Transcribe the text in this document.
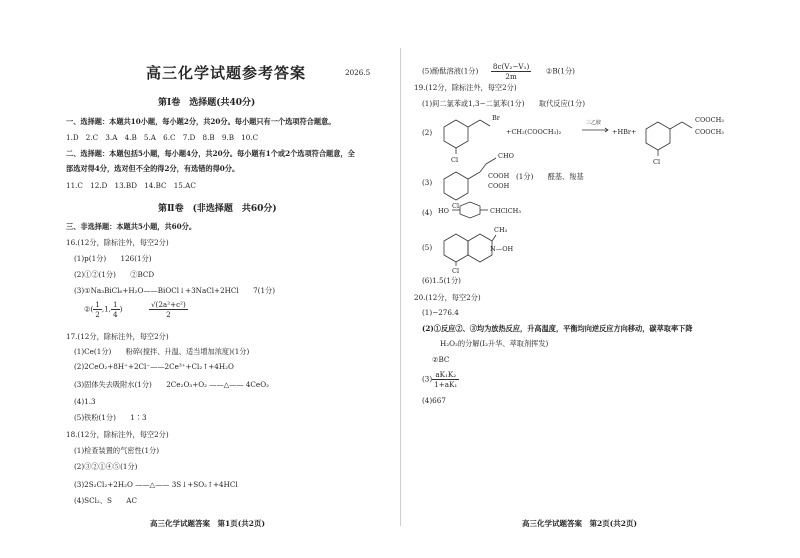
高三化学试题参考答案	2026.5
第Ⅰ卷　选择题(共40分)
一、选择题：本题共10小题，每小题2分，共20分。每小题只有一个选项符合题意。
1.D　2.C　3.A　4.B　5.A　6.C　7.D　8.B　9.B　10.C
二、选择题：本题包括5小题，每小题4分，共20分。每小题有1个或2个选项符合题意，全
部选对得4分，选对但不全的得2分，有选错的得0分。
11.C　12.D　13.BD　14.BC　15.AC
第Ⅱ卷　(非选择题　共60分)
三、非选择题：本题共5小题，共60分。
16.(12分，除标注外，每空2分)
(1)p(1分)　　126(1分)
(2)①②(1分)　　②BCD
(3)①Na₃BiCl₆+H₂O——BiOCl↓+3NaCl+2HCl　　7(1分)
②( $\frac{1}{2} ,1$, $\frac{1}{4}$ )	$\frac{\text{√(2a²+c²)}}{2}$
17.(12分，除标注外，每空2分)
(1)Ce(1分)　　粉碎(搅拌、升温、适当增加浓度)(1分)
(2)2CeO₂+8H⁺+2Cl⁻——2Ce³⁺+Cl₂↑+4H₂O
(3)固体失去吸附水(1分)　　2Ce₂O₃+O₂ ——△—— 4CeO₂
(4)1.3
(5)铁粉(1分)　　1∶3
18.(12分，除标注外，每空2分)
(1)检查装置的气密性(1分)
(2)③②①④⑤(1分)
(3)2S₂Cl₂+2H₂O ——△—— 3S↓+SO₂↑+4HCl
(4)SCl₂、S　　AC
高三化学试题答案　第1页(共2页)
(5)酚酞溶液(1分) $\frac{\text{8c(V₂−V₁)}}{2m}$ ②B(1分)
19.(12分，除标注外，每空2分)
(1)间二氯苯或1,3−二氯苯(1分)　　取代反应(1分)
(2)
Br
Cl
+CH₂(COOCH₃)₂
三乙胺
+HBr+
COOCH₃
COOCH₃
Cl
(3)
CHO
COOH
COOH
Cl
(1分)　　醛基、羧基
(4) HO	CHClCH₃
(5)
CH₃
N—OH
Cl
(6)1.5(1分)
20.(12分，每空2分)
(1)−276.4
(2)①反应②、③均为放热反应，升高温度，平衡均向逆反应方向移动，碳萃取率下降
H₂O₂的分解(I₂升华、萃取剂挥发)
②BC
$(3) \frac{\text{aK₁K₂}}{\text{1+aK₁}}$
(4)667
高三化学试题答案　第2页(共2页)
